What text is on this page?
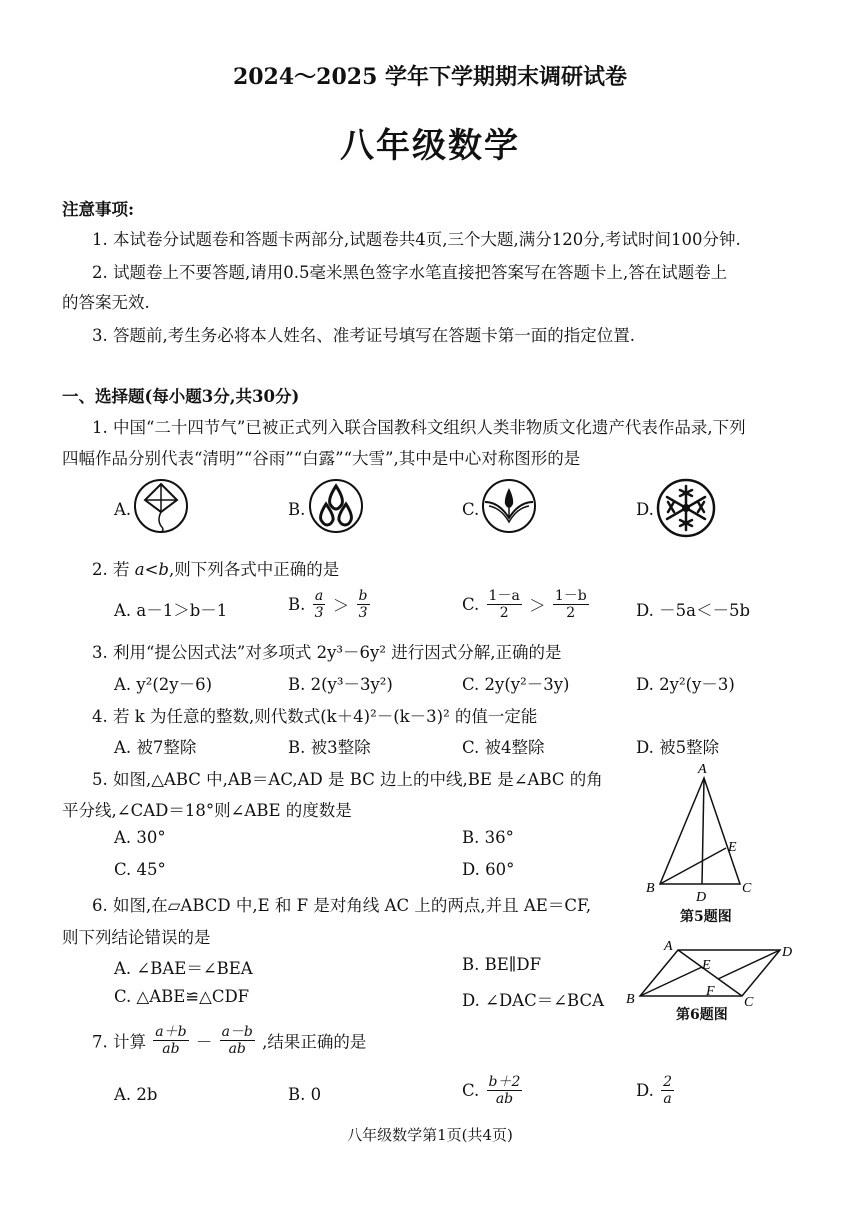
2024～2025 学年下学期期末调研试卷
八年级数学
注意事项:
1. 本试卷分试题卷和答题卡两部分,试题卷共4页,三个大题,满分120分,考试时间100分钟.
2. 试题卷上不要答题,请用0.5毫米黑色签字水笔直接把答案写在答题卡上,答在试题卷上
的答案无效.
3. 答题前,考生务必将本人姓名、准考证号填写在答题卡第一面的指定位置.
一、选择题(每小题3分,共30分)
1. 中国“二十四节气”已被正式列入联合国教科文组织人类非物质文化遗产代表作品录,下列
四幅作品分别代表“清明”“谷雨”“白露”“大雪”,其中是中心对称图形的是
A.	B.	C.	D.
2. 若 a<b,则下列各式中正确的是
A. a－1＞b－1	B. $\frac{a}{3} > \frac{b}{3}$	C. $\frac{1-a}{2} > \frac{1-b}{2}$	D. －5a＜－5b
3. 利用“提公因式法”对多项式 2y³－6y² 进行因式分解,正确的是
A. y²(2y－6)	B. 2(y³－3y²)	C. 2y(y²－3y)	D. 2y²(y－3)
4. 若 k 为任意的整数,则代数式(k＋4)²－(k－3)² 的值一定能
A. 被7整除	B. 被3整除	C. 被4整除	D. 被5整除
5. 如图,△ABC 中,AB＝AC,AD 是 BC 边上的中线,BE 是∠ABC 的角
平分线,∠CAD＝18°则∠ABE 的度数是
A. 30°	B. 36°
C. 45°	D. 60°
A
B	C
D
E
第5题图
6. 如图,在▱ABCD 中,E 和 F 是对角线 AC 上的两点,并且 AE＝CF,
则下列结论错误的是
A. ∠BAE＝∠BEA	B. BE∥DF
C. △ABE≌△CDF	D. ∠DAC＝∠BCA
A	D
B	C
E
F
第6题图
7. 计算 $\frac{a+b}{ab} - \frac{a-b}{ab}$ ,结果正确的是
A. 2b	B. 0	C. $\frac{b+2}{ab}$	D. $\frac{2}{a}$
八年级数学第1页(共4页)
